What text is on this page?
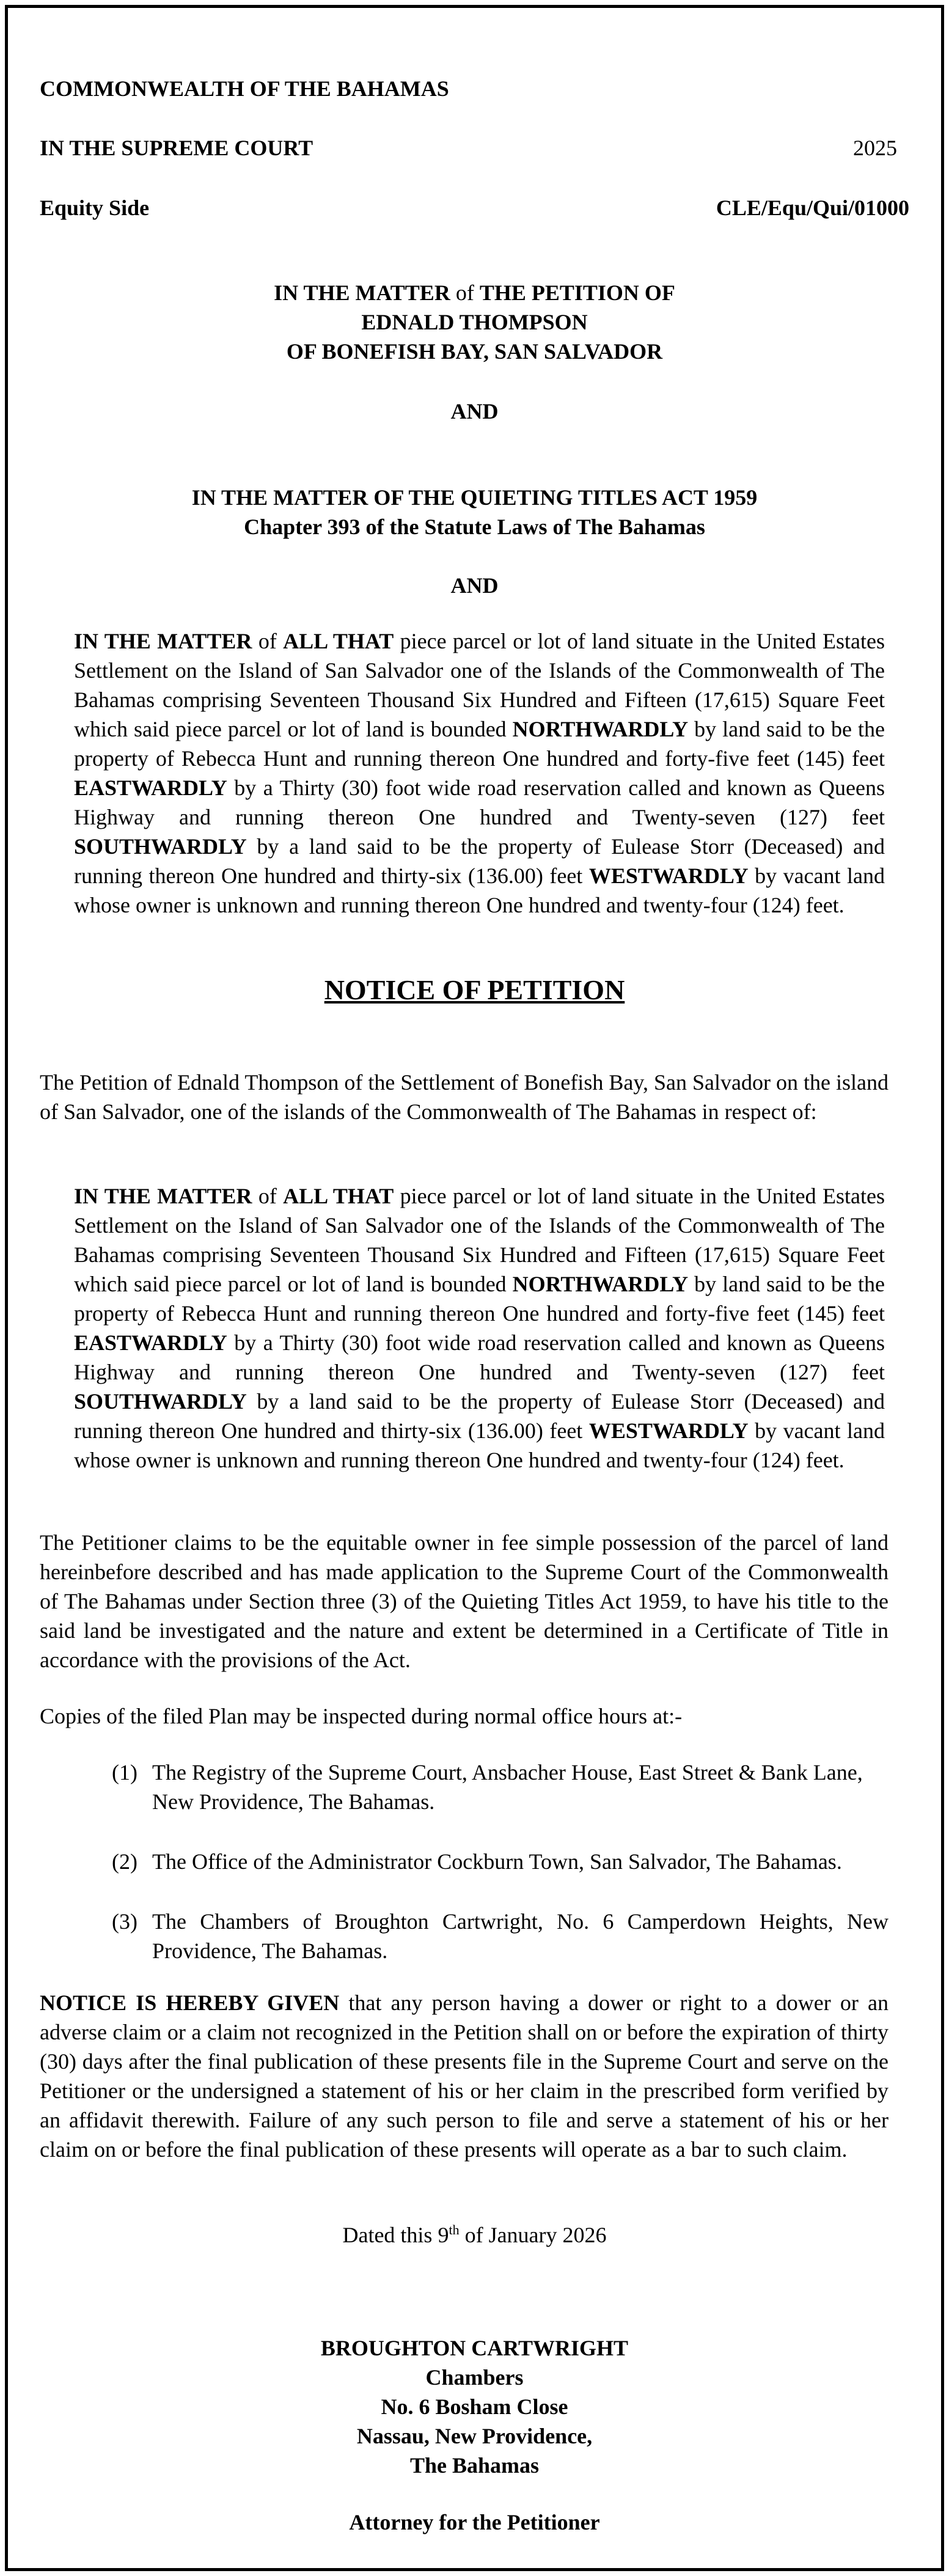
COMMONWEALTH OF THE BAHAMAS
IN THE SUPREME COURT	2025
Equity Side	CLE/Equ/Qui/01000
IN THE MATTER of THE PETITION OF
EDNALD THOMPSON
OF BONEFISH BAY, SAN SALVADOR
AND
IN THE MATTER OF THE QUIETING TITLES ACT 1959
Chapter 393 of the Statute Laws of The Bahamas
AND
IN THE MATTER of ALL THAT piece parcel or lot of land situate in the United Estates Settlement on the Island of San Salvador one of the Islands of the Commonwealth of The Bahamas comprising Seventeen Thousand Six Hundred and Fifteen (17,615) Square Feet which said piece parcel or lot of land is bounded NORTHWARDLY by land said to be the property of Rebecca Hunt and running thereon One hundred and forty-five feet (145) feet EASTWARDLY by a Thirty (30) foot wide road reservation called and known as Queens Highway and running thereon One hundred and Twenty-seven (127) feet SOUTHWARDLY by a land said to be the property of Eulease Storr (Deceased) and running thereon One hundred and thirty-six (136.00) feet WESTWARDLY by vacant land whose owner is unknown and running thereon One hundred and twenty-four (124) feet.
NOTICE OF PETITION
The Petition of Ednald Thompson of the Settlement of Bonefish Bay, San Salvador on the island of San Salvador, one of the islands of the Commonwealth of The Bahamas in respect of:
IN THE MATTER of ALL THAT piece parcel or lot of land situate in the United Estates Settlement on the Island of San Salvador one of the Islands of the Commonwealth of The Bahamas comprising Seventeen Thousand Six Hundred and Fifteen (17,615) Square Feet which said piece parcel or lot of land is bounded NORTHWARDLY by land said to be the property of Rebecca Hunt and running thereon One hundred and forty-five feet (145) feet EASTWARDLY by a Thirty (30) foot wide road reservation called and known as Queens Highway and running thereon One hundred and Twenty-seven (127) feet SOUTHWARDLY by a land said to be the property of Eulease Storr (Deceased) and running thereon One hundred and thirty-six (136.00) feet WESTWARDLY by vacant land whose owner is unknown and running thereon One hundred and twenty-four (124) feet.
The Petitioner claims to be the equitable owner in fee simple possession of the parcel of land hereinbefore described and has made application to the Supreme Court of the Commonwealth of The Bahamas under Section three (3) of the Quieting Titles Act 1959, to have his title to the said land be investigated and the nature and extent be determined in a Certificate of Title in accordance with the provisions of the Act.
Copies of the filed Plan may be inspected during normal office hours at:-
(1) The Registry of the Supreme Court, Ansbacher House, East Street & Bank Lane, New Providence, The Bahamas.
(2) The Office of the Administrator Cockburn Town, San Salvador, The Bahamas.
(3) The Chambers of Broughton Cartwright, No. 6 Camperdown Heights, New Providence, The Bahamas.
NOTICE IS HEREBY GIVEN that any person having a dower or right to a dower or an adverse claim or a claim not recognized in the Petition shall on or before the expiration of thirty (30) days after the final publication of these presents file in the Supreme Court and serve on the Petitioner or the undersigned a statement of his or her claim in the prescribed form verified by an affidavit therewith. Failure of any such person to file and serve a statement of his or her claim on or before the final publication of these presents will operate as a bar to such claim.
Dated this 9th of January 2026
BROUGHTON CARTWRIGHT
Chambers
No. 6 Bosham Close
Nassau, New Providence,
The Bahamas
Attorney for the Petitioner
